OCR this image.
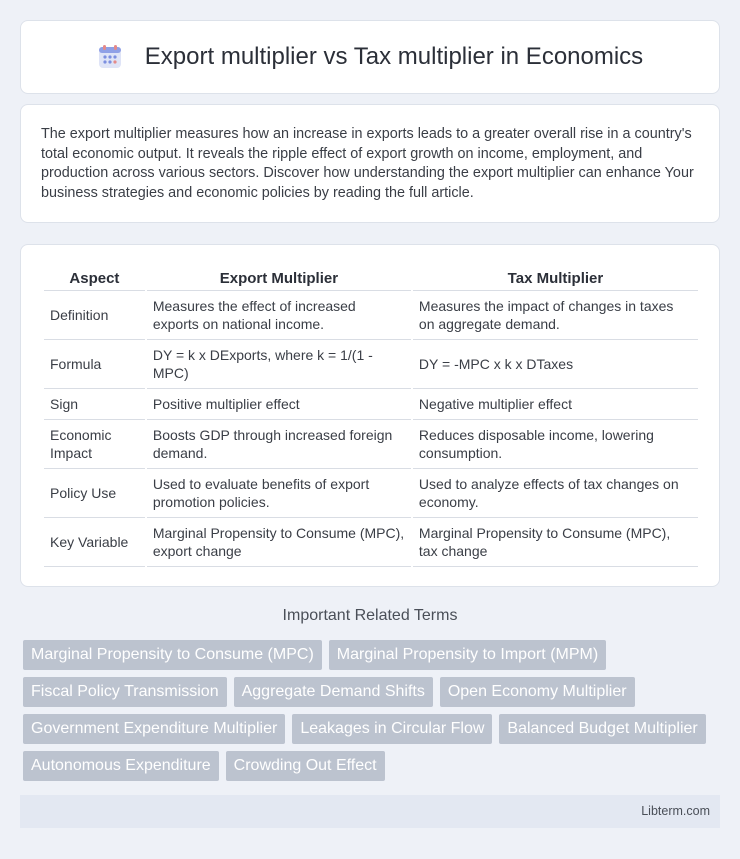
Export multiplier vs Tax multiplier in Economics

The export multiplier measures how an increase in exports leads to a greater overall rise in a country's total economic output. It reveals the ripple effect of export growth on income, employment, and production across various sectors. Discover how understanding the export multiplier can enhance Your business strategies and economic policies by reading the full article.

Aspect	Export Multiplier	Tax Multiplier
Definition	Measures the effect of increased exports on national income.	Measures the impact of changes in taxes on aggregate demand.
Formula	DY = k x DExports, where k = 1/(1 - MPC)	DY = -MPC x k x DTaxes
Sign	Positive multiplier effect	Negative multiplier effect
Economic Impact	Boosts GDP through increased foreign demand.	Reduces disposable income, lowering consumption.
Policy Use	Used to evaluate benefits of export promotion policies.	Used to analyze effects of tax changes on economy.
Key Variable	Marginal Propensity to Consume (MPC), export change	Marginal Propensity to Consume (MPC), tax change
Important Related Terms
Marginal Propensity to Consume (MPC)	Marginal Propensity to Import (MPM)
Fiscal Policy Transmission	Aggregate Demand Shifts	Open Economy Multiplier
Government Expenditure Multiplier	Leakages in Circular Flow	Balanced Budget Multiplier
Autonomous Expenditure	Crowding Out Effect
Libterm.com
